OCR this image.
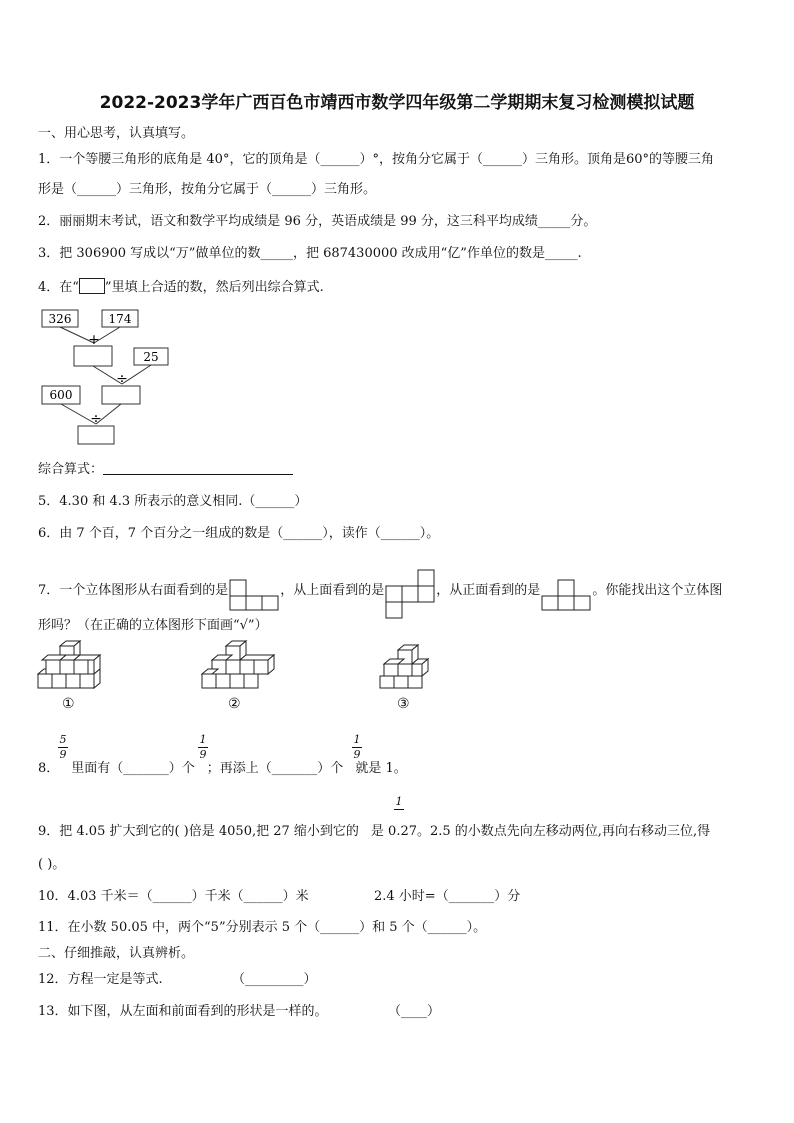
2022-2023学年广西百色市靖西市数学四年级第二学期期末复习检测模拟试题
一、用心思考，认真填写。
1．一个等腰三角形的底角是 40°，它的顶角是（______）°，按角分它属于（______）三角形。顶角是60°的等腰三角
形是（______）三角形，按角分它属于（______）三角形。
2．丽丽期末考试，语文和数学平均成绩是 96 分，英语成绩是 99 分，这三科平均成绩_____分。
3．把 306900 写成以“万”做单位的数_____，把 687430000 改成用“亿”作单位的数是_____.
4．在“ ”里填上合适的数，然后列出综合算式.
326	174
+
25
÷
600
÷
综合算式：
5．4.30 和 4.3 所表示的意义相同.（______）
6．由 7 个百，7 个百分之一组成的数是（______），读作（______）。
7．一个立体图形从右面看到的是	，从上面看到的是	，从正面看到的是	。你能找出这个立体图
形吗？（在正确的立体图形下面画“√”）
①	②	③
5
9
1
9
1
9
8． 里面有（_______）个 ；再添上（_______）个 就是 1。
1
9．把 4.05 扩大到它的( )倍是 4050,把 27 缩小到它的 是 0.27。2.5 的小数点先向左移动两位,再向右移动三位,得
( )。
10．4.03 千米＝（______）千米（______）米	2.4 小时=（_______）分
11．在小数 50.05 中，两个“5”分别表示 5 个（______）和 5 个（______）。
二、仔细推敲，认真辨析。
12．方程一定是等式.	（_________）
13．如下图，从左面和前面看到的形状是一样的。	（____）
